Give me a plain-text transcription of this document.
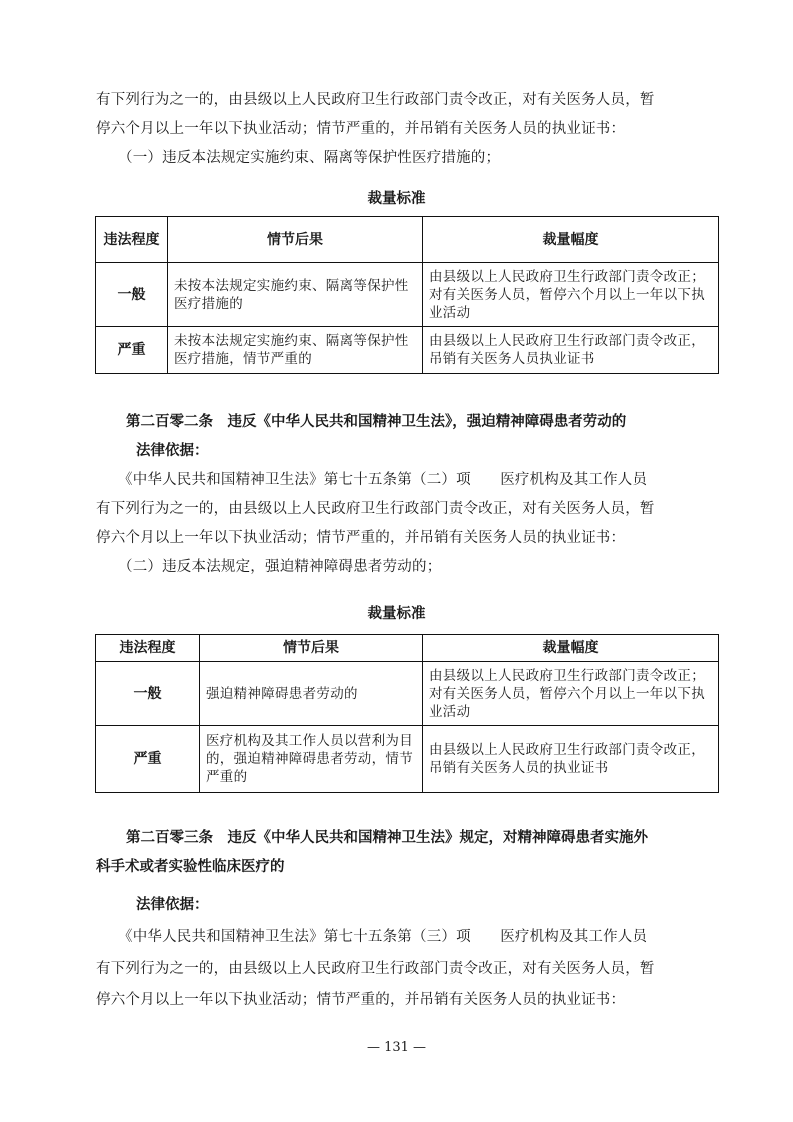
有下列行为之一的，由县级以上人民政府卫生行政部门责令改正，对有关医务人员，暂
停六个月以上一年以下执业活动；情节严重的，并吊销有关医务人员的执业证书：
（一）违反本法规定实施约束、隔离等保护性医疗措施的；
裁量标准
违法程度	情节后果	裁量幅度
一般	未按本法规定实施约束、隔离等保护性医疗措施的	由县级以上人民政府卫生行政部门责令改正；对有关医务人员，暂停六个月以上一年以下执业活动
严重	未按本法规定实施约束、隔离等保护性医疗措施，情节严重的	由县级以上人民政府卫生行政部门责令改正，吊销有关医务人员执业证书
第二百零二条　违反《中华人民共和国精神卫生法》，强迫精神障碍患者劳动的
法律依据：
《中华人民共和国精神卫生法》第七十五条第（二）项　　医疗机构及其工作人员
有下列行为之一的，由县级以上人民政府卫生行政部门责令改正，对有关医务人员，暂
停六个月以上一年以下执业活动；情节严重的，并吊销有关医务人员的执业证书：
（二）违反本法规定，强迫精神障碍患者劳动的；
裁量标准
违法程度	情节后果	裁量幅度
一般	强迫精神障碍患者劳动的	由县级以上人民政府卫生行政部门责令改正；对有关医务人员，暂停六个月以上一年以下执业活动
严重	医疗机构及其工作人员以营利为目的，强迫精神障碍患者劳动，情节严重的	由县级以上人民政府卫生行政部门责令改正，吊销有关医务人员的执业证书
第二百零三条　违反《中华人民共和国精神卫生法》规定，对精神障碍患者实施外
科手术或者实验性临床医疗的
法律依据：
《中华人民共和国精神卫生法》第七十五条第（三）项　　医疗机构及其工作人员
有下列行为之一的，由县级以上人民政府卫生行政部门责令改正，对有关医务人员，暂
停六个月以上一年以下执业活动；情节严重的，并吊销有关医务人员的执业证书：
— 131 —
